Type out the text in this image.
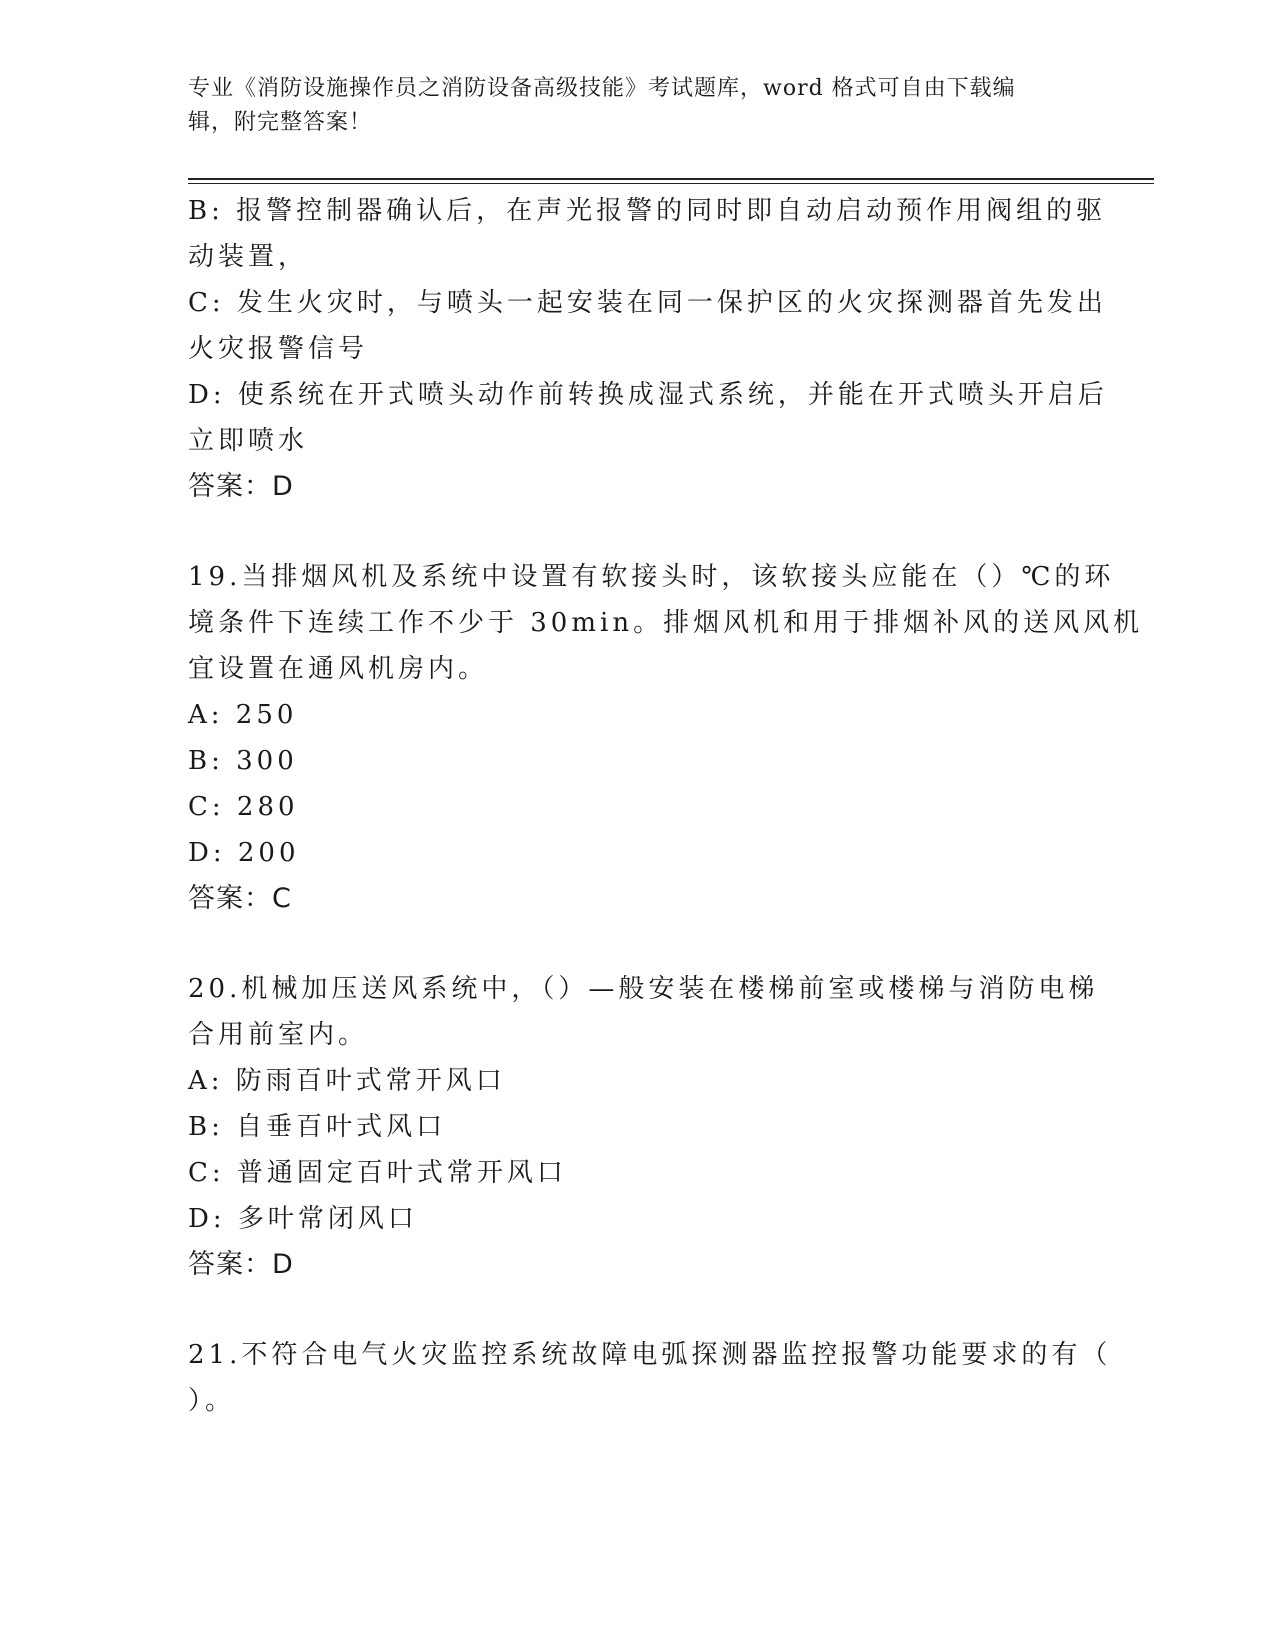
专业《消防设施操作员之消防设备高级技能》考试题库，word 格式可自由下载编
辑，附完整答案！
B: 报警控制器确认后，在声光报警的同时即自动启动预作用阀组的驱
动装置，
C: 发生火灾时，与喷头一起安装在同一保护区的火灾探测器首先发出
火灾报警信号
D: 使系统在开式喷头动作前转换成湿式系统，并能在开式喷头开启后
立即喷水
答案：D
19.当排烟风机及系统中设置有软接头时，该软接头应能在（）℃的环
境条件下连续工作不少于 30min。排烟风机和用于排烟补风的送风风机
宜设置在通风机房内。
A: 250
B: 300
C: 280
D: 200
答案：C
20.机械加压送风系统中，（）—般安装在楼梯前室或楼梯与消防电梯
合用前室内。
A: 防雨百叶式常开风口
B: 自垂百叶式风口
C: 普通固定百叶式常开风口
D: 多叶常闭风口
答案：D
21.不符合电气火灾监控系统故障电弧探测器监控报警功能要求的有（
）。
